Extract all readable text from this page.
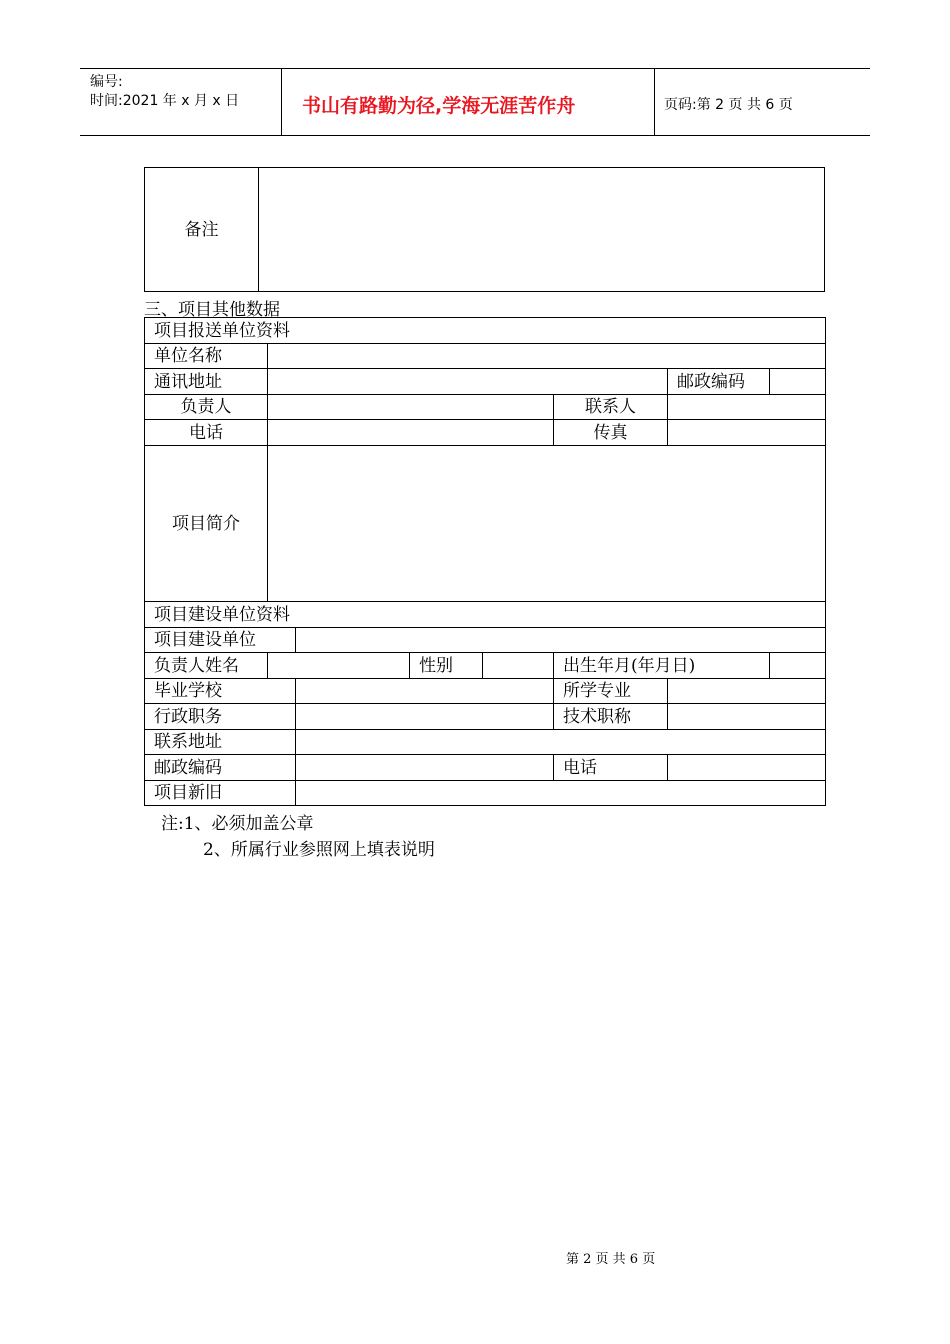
编号:
时间:2021 年 x 月 x 日	书山有路勤为径,学海无涯苦作舟	页码:第 2 页 共 6 页
备注	
三、项目其他数据
项目报送单位资料							
单位名称							
通讯地址						邮政编码	
负责人					联系人		
电话					传真		
项目简介							
项目建设单位资料							
项目建设单位							
负责人姓名			性别		出生年月(年月日)		
毕业学校					所学专业		
行政职务					技术职称		
联系地址							
邮政编码					电话		
项目新旧							
注:1、必须加盖公章
2、所属行业参照网上填表说明
第 2 页 共 6 页
